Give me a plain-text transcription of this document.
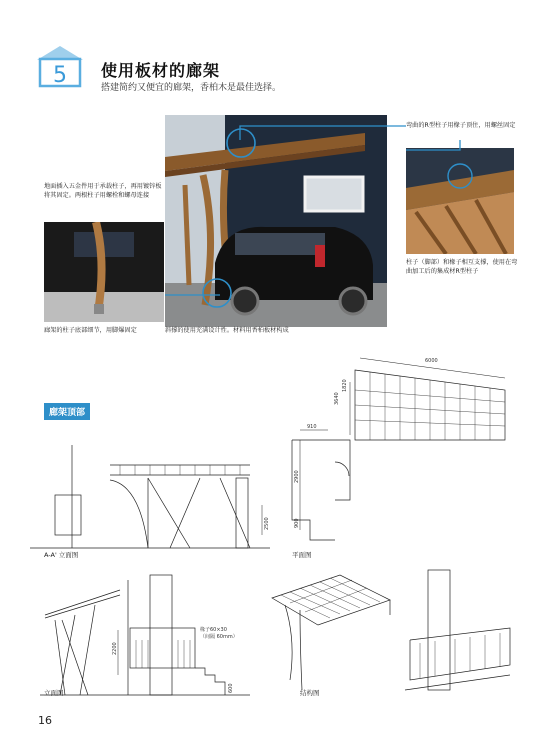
5 使用板材的廊架
搭建简约又便宜的廊架，香柏木是最佳选择。
地面插入五金件用于承载柱子，再用镀锌板将其固定。两根柱子用螺栓和螺母连接
弯曲的R型柱子用椽子顶住，用螺丝固定
柱子（脚部）和椽子相互支撑，使用在弯曲加工后的集成材R型柱子
廊架的柱子底部细节，用脚爆固定	斜撑的使用充满设计性。材料用香柏板材构成
廊架顶部
6000
910
3640
1820
2900
900
2500
2200
600
椽子60×30
（间隔 60mm）
A-A' 立面图	平面图
立面图	结构图
16
